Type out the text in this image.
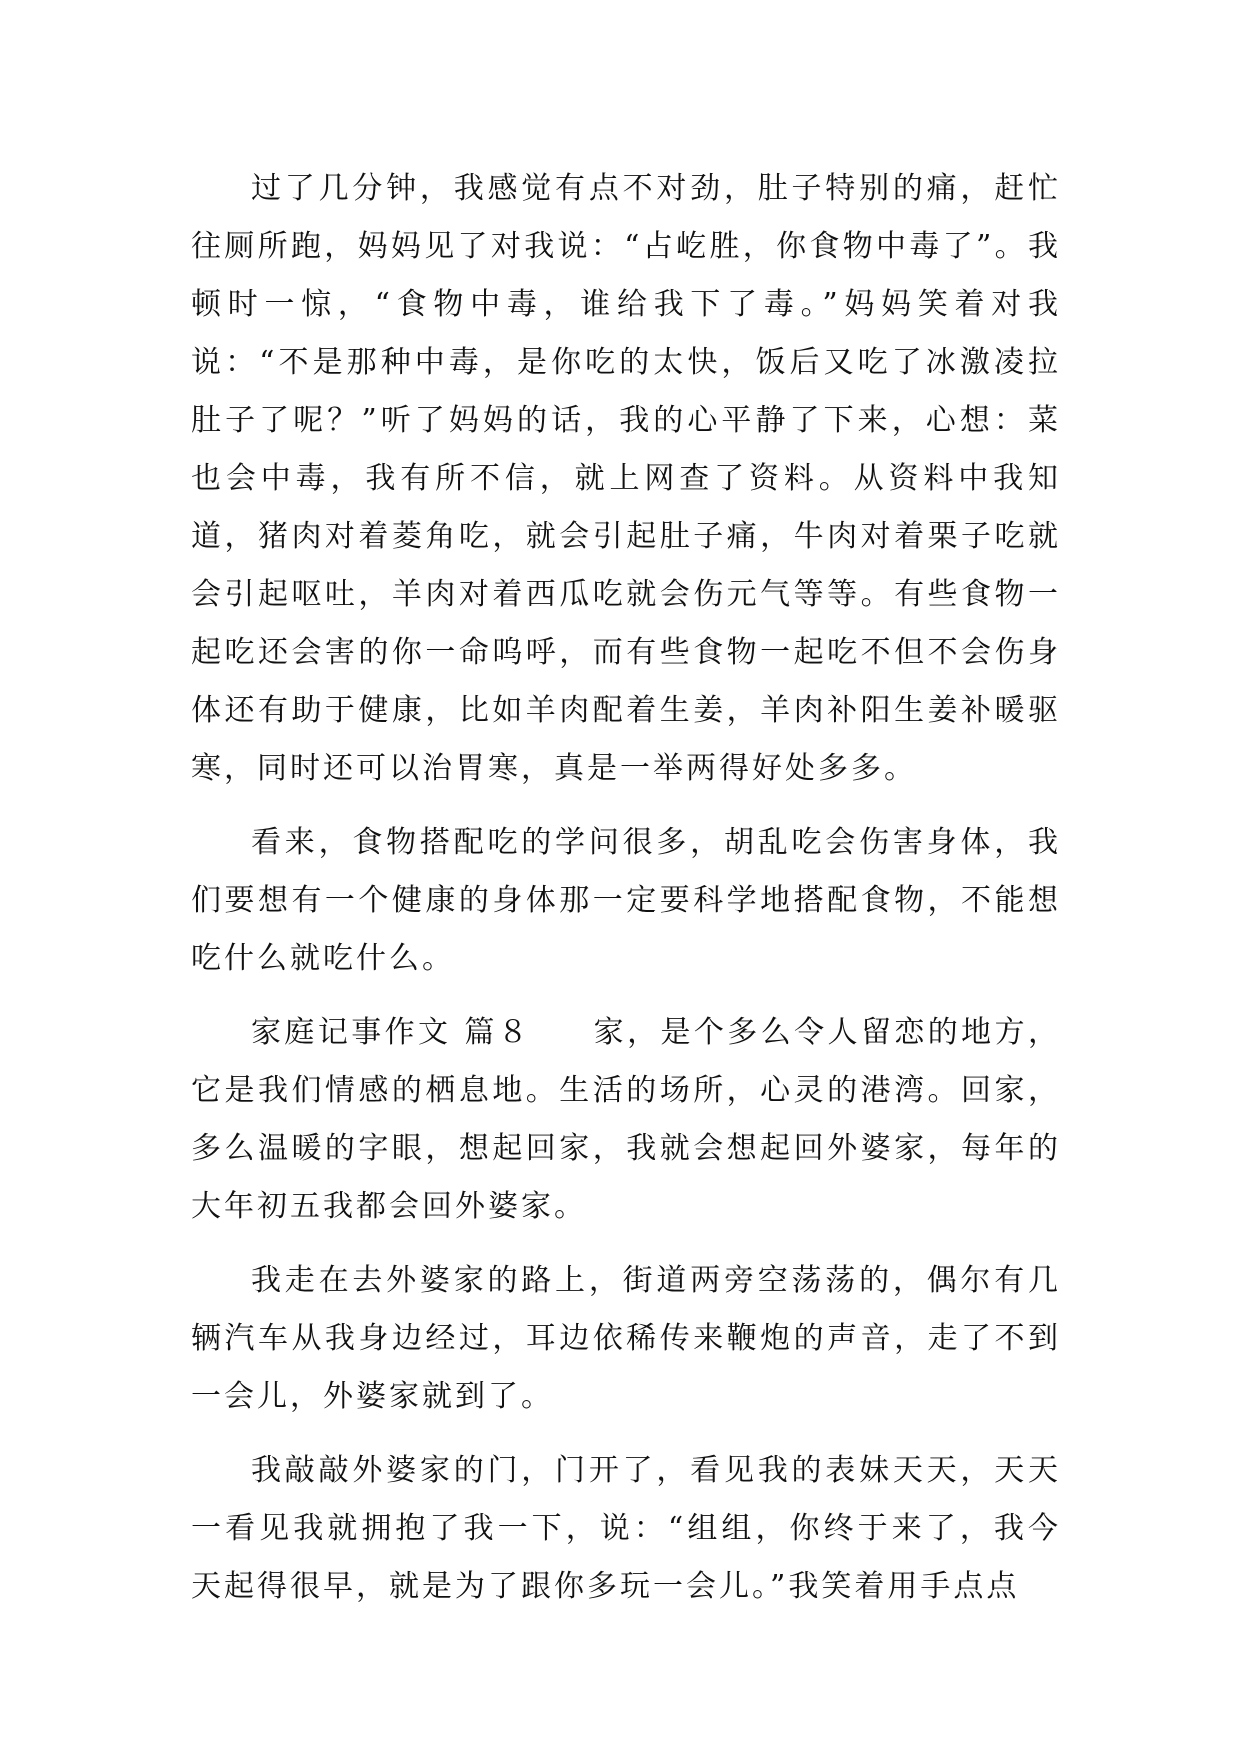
过了几分钟，我感觉有点不对劲，肚子特别的痛，赶忙往厕所跑，妈妈见了对我说：“占屹胜，你食物中毒了”。我顿时一惊，“食物中毒，谁给我下了毒。”妈妈笑着对我说：“不是那种中毒，是你吃的太快，饭后又吃了冰激凌拉肚子了呢？”听了妈妈的话，我的心平静了下来，心想：菜也会中毒，我有所不信，就上网查了资料。从资料中我知道，猪肉对着菱角吃，就会引起肚子痛，牛肉对着栗子吃就会引起呕吐，羊肉对着西瓜吃就会伤元气等等。有些食物一起吃还会害的你一命呜呼，而有些食物一起吃不但不会伤身体还有助于健康，比如羊肉配着生姜，羊肉补阳生姜补暖驱寒，同时还可以治胃寒，真是一举两得好处多多。

看来，食物搭配吃的学问很多，胡乱吃会伤害身体，我们要想有一个健康的身体那一定要科学地搭配食物，不能想吃什么就吃什么。

家庭记事作文 篇８ 家，是个多么令人留恋的地方，它是我们情感的栖息地。生活的场所，心灵的港湾。回家，多么温暖的字眼，想起回家，我就会想起回外婆家，每年的大年初五我都会回外婆家。

我走在去外婆家的路上，街道两旁空荡荡的，偶尔有几辆汽车从我身边经过，耳边依稀传来鞭炮的声音，走了不到一会儿，外婆家就到了。

我敲敲外婆家的门，门开了，看见我的表妹天天，天天一看见我就拥抱了我一下，说：“组组，你终于来了，我今天起得很早，就是为了跟你多玩一会儿。”我笑着用手点点
